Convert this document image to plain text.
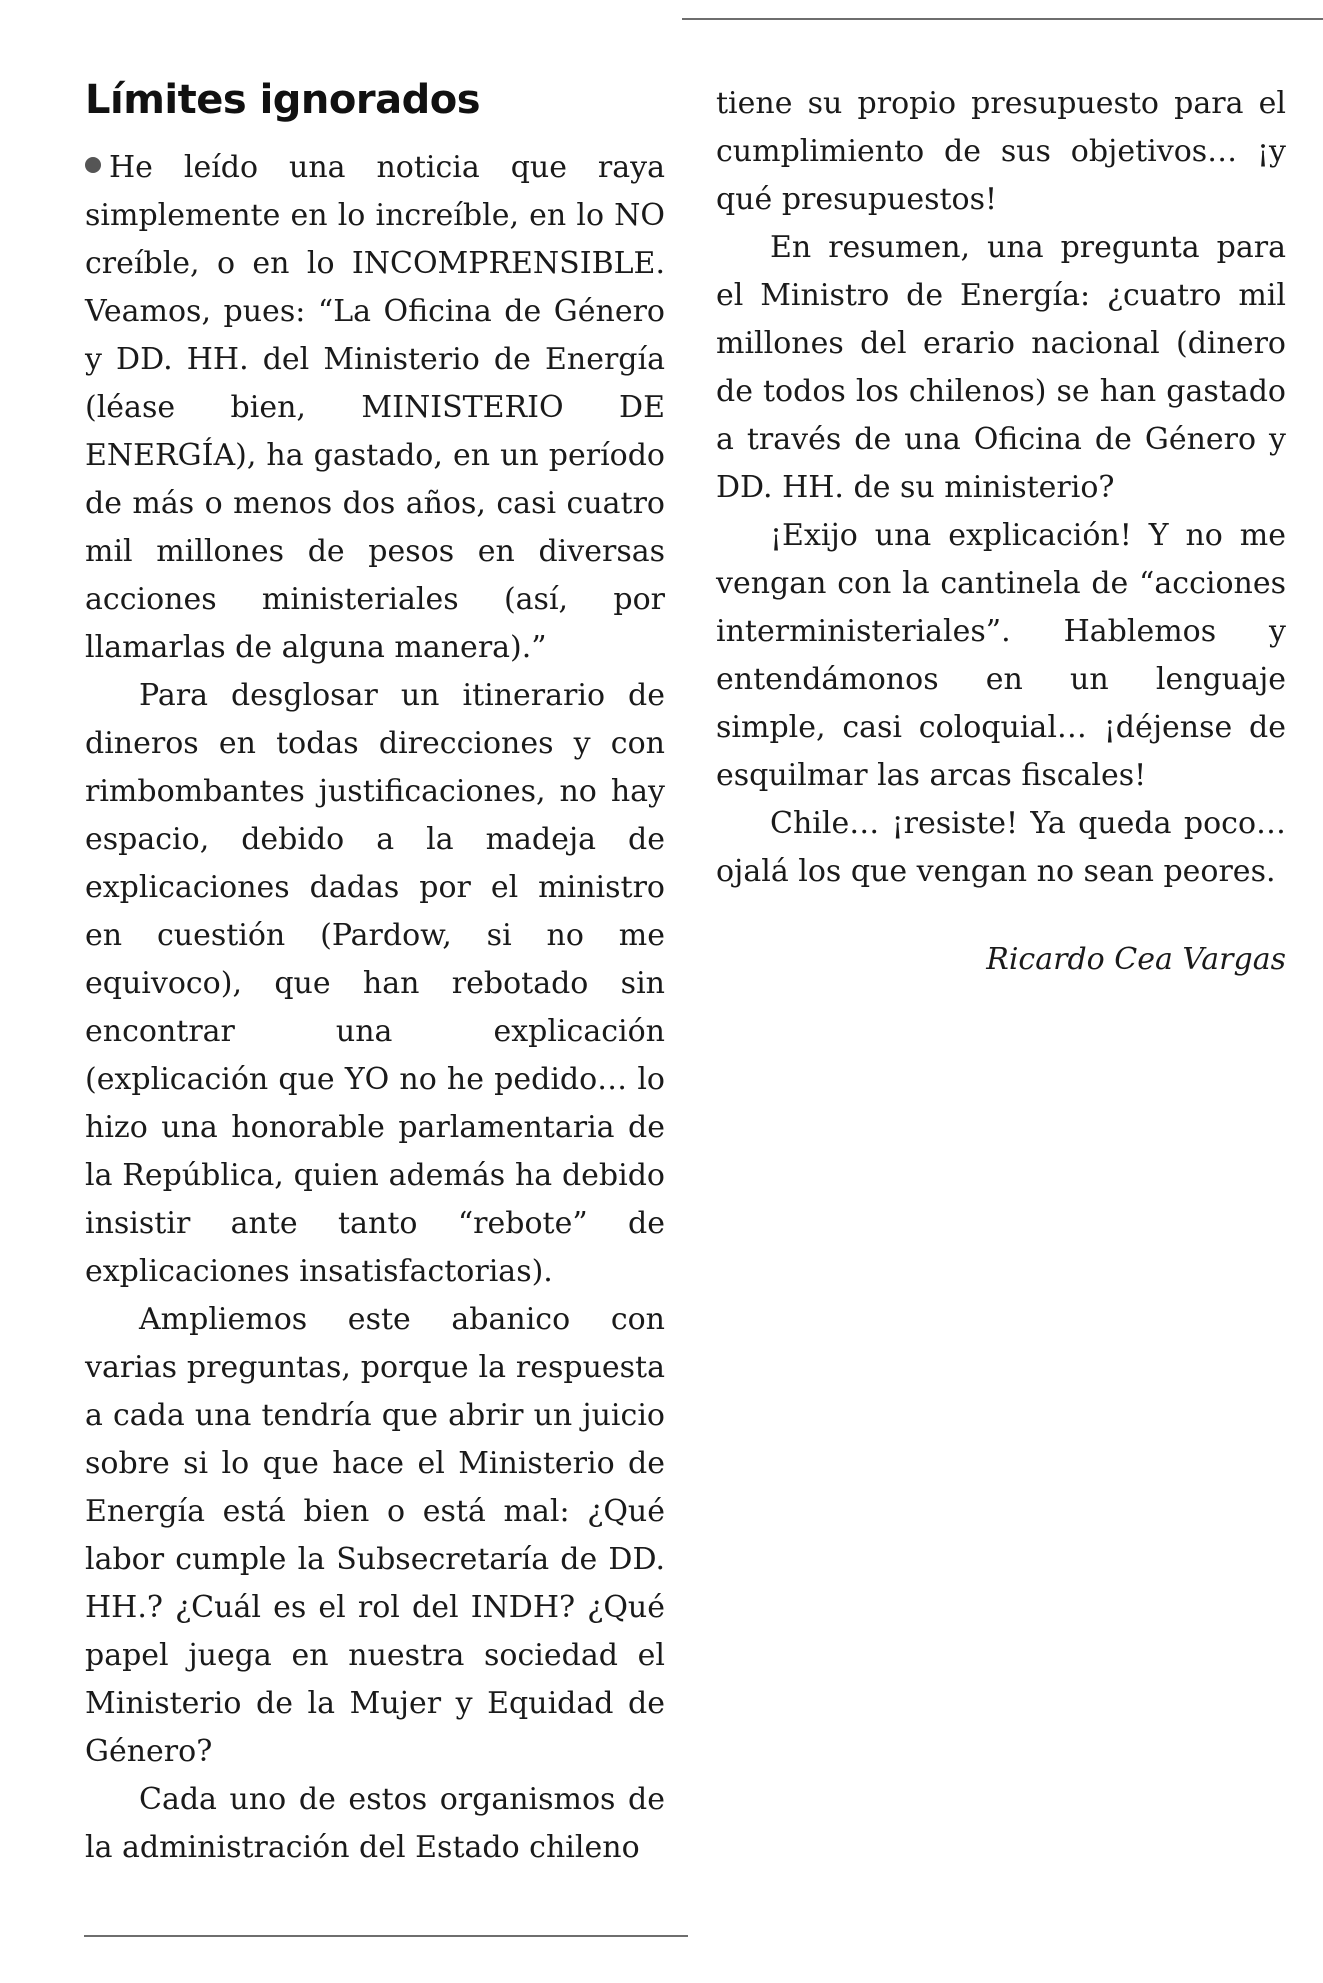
Límites ignorados

He leído una noticia que raya simplemente en lo increíble, en lo NO creíble, o en lo INCOMPRENSIBLE. Veamos, pues: “La Oficina de Género y DD. HH. del Ministerio de Energía (léase bien, MINISTERIO DE ENERGÍA), ha gastado, en un período de más o menos dos años, casi cuatro mil millones de pesos en diversas acciones ministeriales (así, por llamarlas de alguna manera).”

Para desglosar un itinerario de dineros en todas direcciones y con rimbombantes justificaciones, no hay espacio, debido a la madeja de explicaciones dadas por el ministro en cuestión (Pardow, si no me equivoco), que han rebotado sin encontrar una explicación (explicación que YO no he pedido… lo hizo una honorable parlamentaria de la República, quien además ha debido insistir ante tanto “rebote” de explicaciones insatisfactorias).

Ampliemos este abanico con varias preguntas, porque la respuesta a cada una tendría que abrir un juicio sobre si lo que hace el Ministerio de Energía está bien o está mal: ¿Qué labor cumple la Subsecretaría de DD. HH.? ¿Cuál es el rol del INDH? ¿Qué papel juega en nuestra sociedad el Ministerio de la Mujer y Equidad de Género?

Cada uno de estos organismos de la administración del Estado chileno

tiene su propio presupuesto para el cumplimiento de sus objetivos… ¡y qué presupuestos!

En resumen, una pregunta para el Ministro de Energía: ¿cuatro mil millones del erario nacional (dinero de todos los chilenos) se han gastado a través de una Oficina de Género y DD. HH. de su ministerio?

¡Exijo una explicación! Y no me vengan con la cantinela de “acciones interministeriales”. Hablemos y entendámonos en un lenguaje simple, casi coloquial… ¡déjense de esquilmar las arcas fiscales!

Chile… ¡resiste! Ya queda poco… ojalá los que vengan no sean peores.

Ricardo Cea Vargas
